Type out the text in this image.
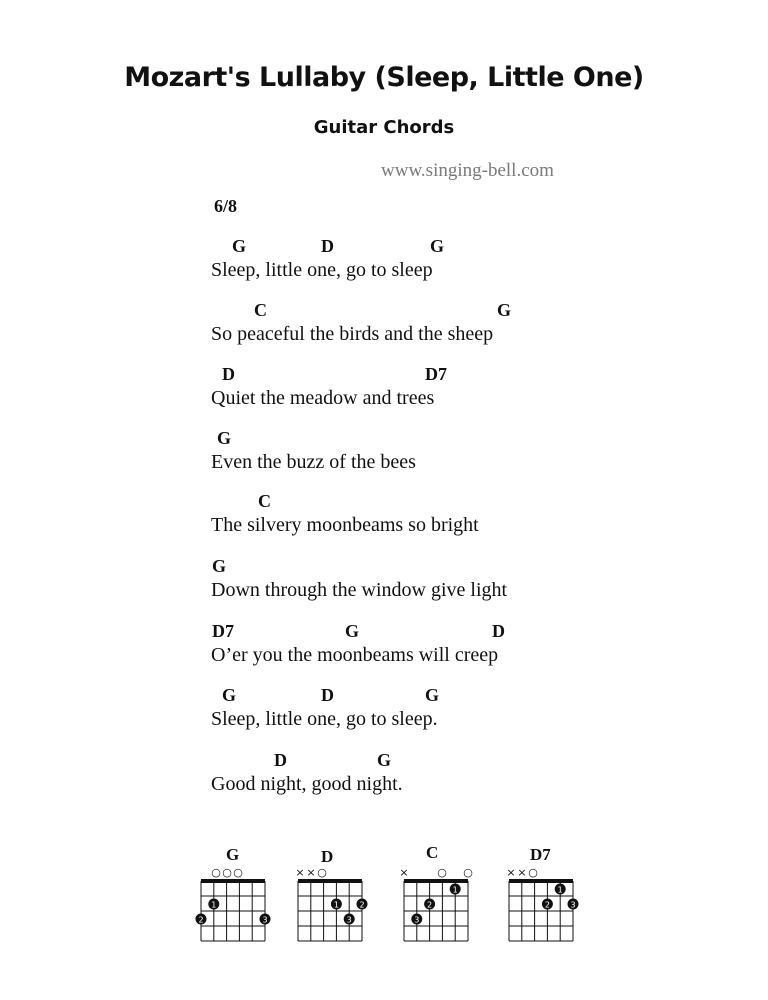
Mozart's Lullaby (Sleep, Little One)
Guitar Chords
www.singing-bell.com
6/8
G	D	G
Sleep, little one, go to sleep
C	G
So peaceful the birds and the sheep
D	D7
Quiet the meadow and trees
G
Even the buzz of the bees
C
The silvery moonbeams so bright
G
Down through the window give light
D7	G	D
O’er you the moonbeams will creep
G	D	G
Sleep, little one, go to sleep.
D	G
Good night, good night.
G
○ ○ ○
1
2	3
D
× × ○
1	2
3
C
×	○ ○
1
2
3
D7
× × ○
1
2	3
